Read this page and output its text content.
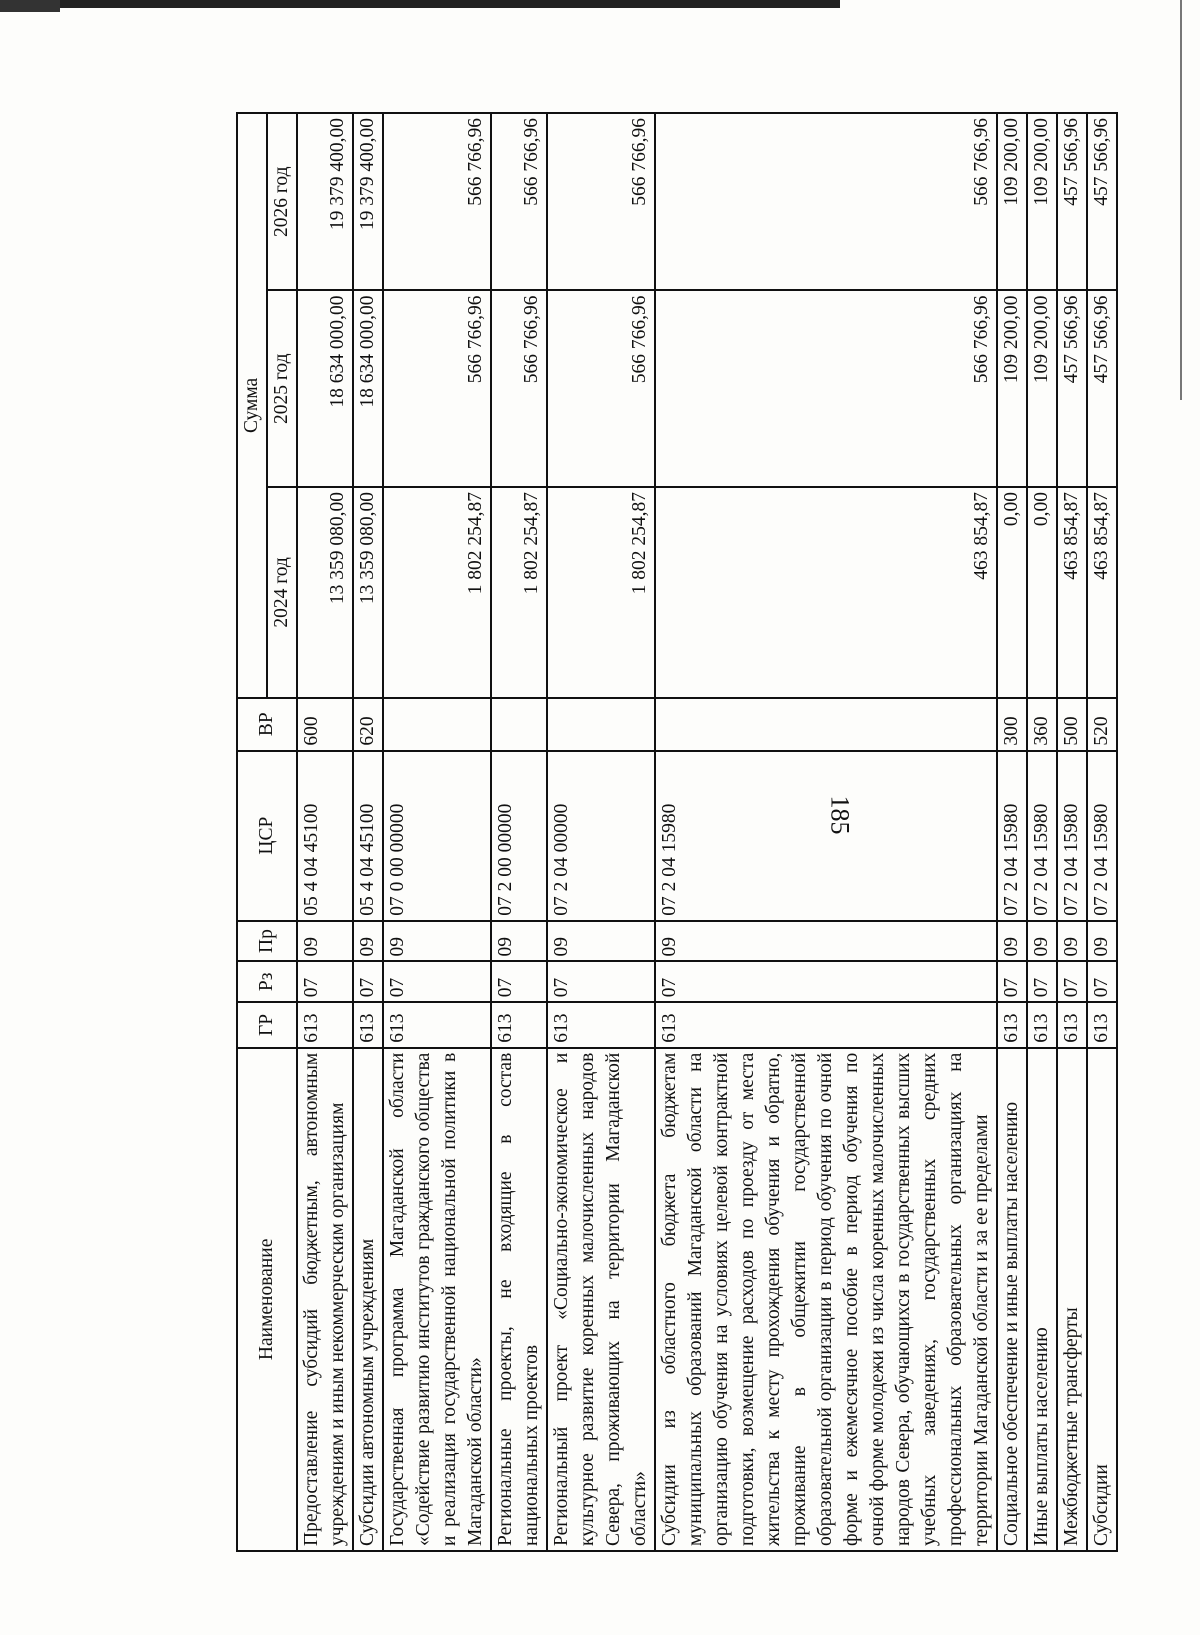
185
Наименование	ГР	Рз	Пр	ЦСР	ВР	Сумма		
						2024 год	2025 год	2026 год
Предоставление субсидий бюджетным, автономным учреждениям и иным некоммерческим организациям	613	07	09	05 4 04 45100	600	13 359 080,00	18 634 000,00	19 379 400,00
Субсидии автономным учреждениям	613	07	09	05 4 04 45100	620	13 359 080,00	18 634 000,00	19 379 400,00
Государственная программа Магаданской области «Содействие развитию институтов гражданского общества и реализация государственной национальной политики в Магаданской области»	613	07	09	07 0 00 00000		1 802 254,87	566 766,96	566 766,96
Региональные проекты, не входящие в состав национальных проектов	613	07	09	07 2 00 00000		1 802 254,87	566 766,96	566 766,96
Региональный проект «Социально-экономическое и культурное развитие коренных малочисленных народов Севера, проживающих на территории Магаданской области»	613	07	09	07 2 04 00000		1 802 254,87	566 766,96	566 766,96
Субсидии из областного бюджета бюджетам муниципальных образований Магаданской области на организацию обучения на условиях целевой контрактной подготовки, возмещение расходов по проезду от места жительства к месту прохождения обучения и обратно, проживание в общежитии государственной образовательной организации в период обучения по очной форме и ежемесячное пособие в период обучения по очной форме молодежи из числа коренных малочисленных народов Севера, обучающихся в государственных высших учебных заведениях, государственных средних профессиональных образовательных организациях на территории Магаданской области и за ее пределами	613	07	09	07 2 04 15980		463 854,87	566 766,96	566 766,96
Социальное обеспечение и иные выплаты населению	613	07	09	07 2 04 15980	300	0,00	109 200,00	109 200,00
Иные выплаты населению	613	07	09	07 2 04 15980	360	0,00	109 200,00	109 200,00
Межбюджетные трансферты	613	07	09	07 2 04 15980	500	463 854,87	457 566,96	457 566,96
Субсидии	613	07	09	07 2 04 15980	520	463 854,87	457 566,96	457 566,96
